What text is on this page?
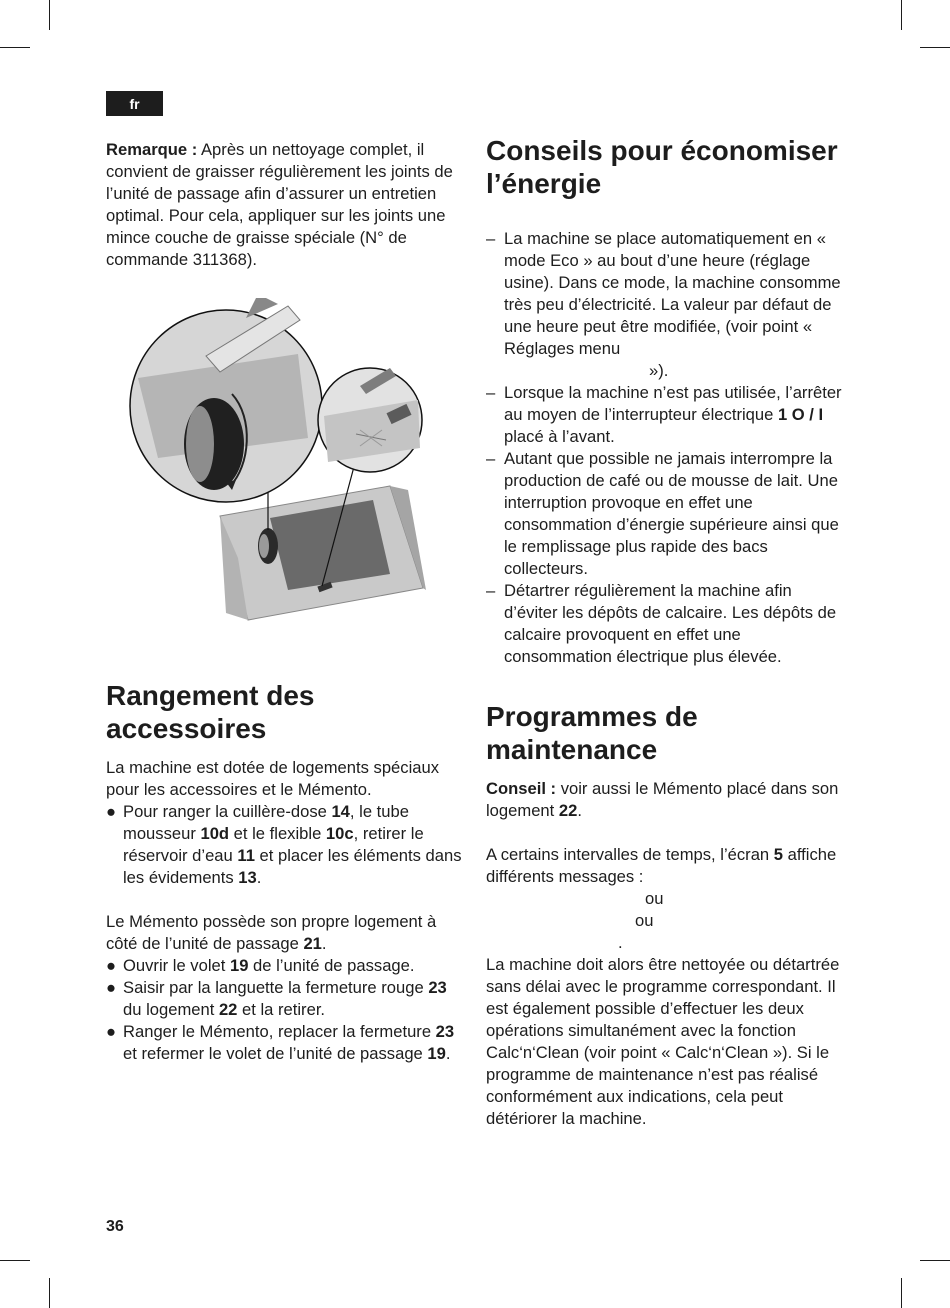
fr

Remarque : Après un nettoyage complet, il convient de graisser régulièrement les joints de l’unité de passage afin d’assurer un entretien optimal. Pour cela, appliquer sur les joints une mince couche de graisse spéciale (N° de commande 311368).

Rangement des accessoires

La machine est dotée de logements spéciaux pour les accessoires et le Mémento.

● Pour ranger la cuillère-dose 14, le tube mousseur 10d et le flexible 10c, retirer le réservoir d’eau 11 et placer les éléments dans les évidements 13.

Le Mémento possède son propre logement à côté de l’unité de passage 21.

● Ouvrir le volet 19 de l’unité de passage.
● Saisir par la languette la fermeture rouge 23 du logement 22 et la retirer.
● Ranger le Mémento, replacer la fermeture 23 et refermer le volet de l’unité de passage 19.
Conseils pour économiser l’énergie
– La machine se place automatiquement en « mode Eco » au bout d’une heure (réglage usine). Dans ce mode, la machine consomme très peu d’électricité. La valeur par défaut de une heure peut être modifiée, (voir point « Réglages menu
»).
– Lorsque la machine n’est pas utilisée, l’arrêter au moyen de l’interrupteur électrique 1 O / I placé à l’avant.
– Autant que possible ne jamais interrompre la production de café ou de mousse de lait. Une interruption provoque en effet une consommation d’énergie supérieure ainsi que le remplissage plus rapide des bacs collecteurs.
– Détartrer régulièrement la machine afin d’éviter les dépôts de calcaire. Les dépôts de calcaire provoquent en effet une consommation électrique plus élevée.
Programmes de maintenance

Conseil : voir aussi le Mémento placé dans son logement 22.

A certains intervalles de temps, l’écran 5 affiche différents messages :

ou
ou
.

La machine doit alors être nettoyée ou détartrée sans délai avec le programme correspondant. Il est également possible d’effectuer les deux opérations simultanément avec la fonction Calc‘n‘Clean (voir point « Calc‘n‘Clean »). Si le programme de maintenance n’est pas réalisé conformément aux indications, cela peut détériorer la machine.

36
